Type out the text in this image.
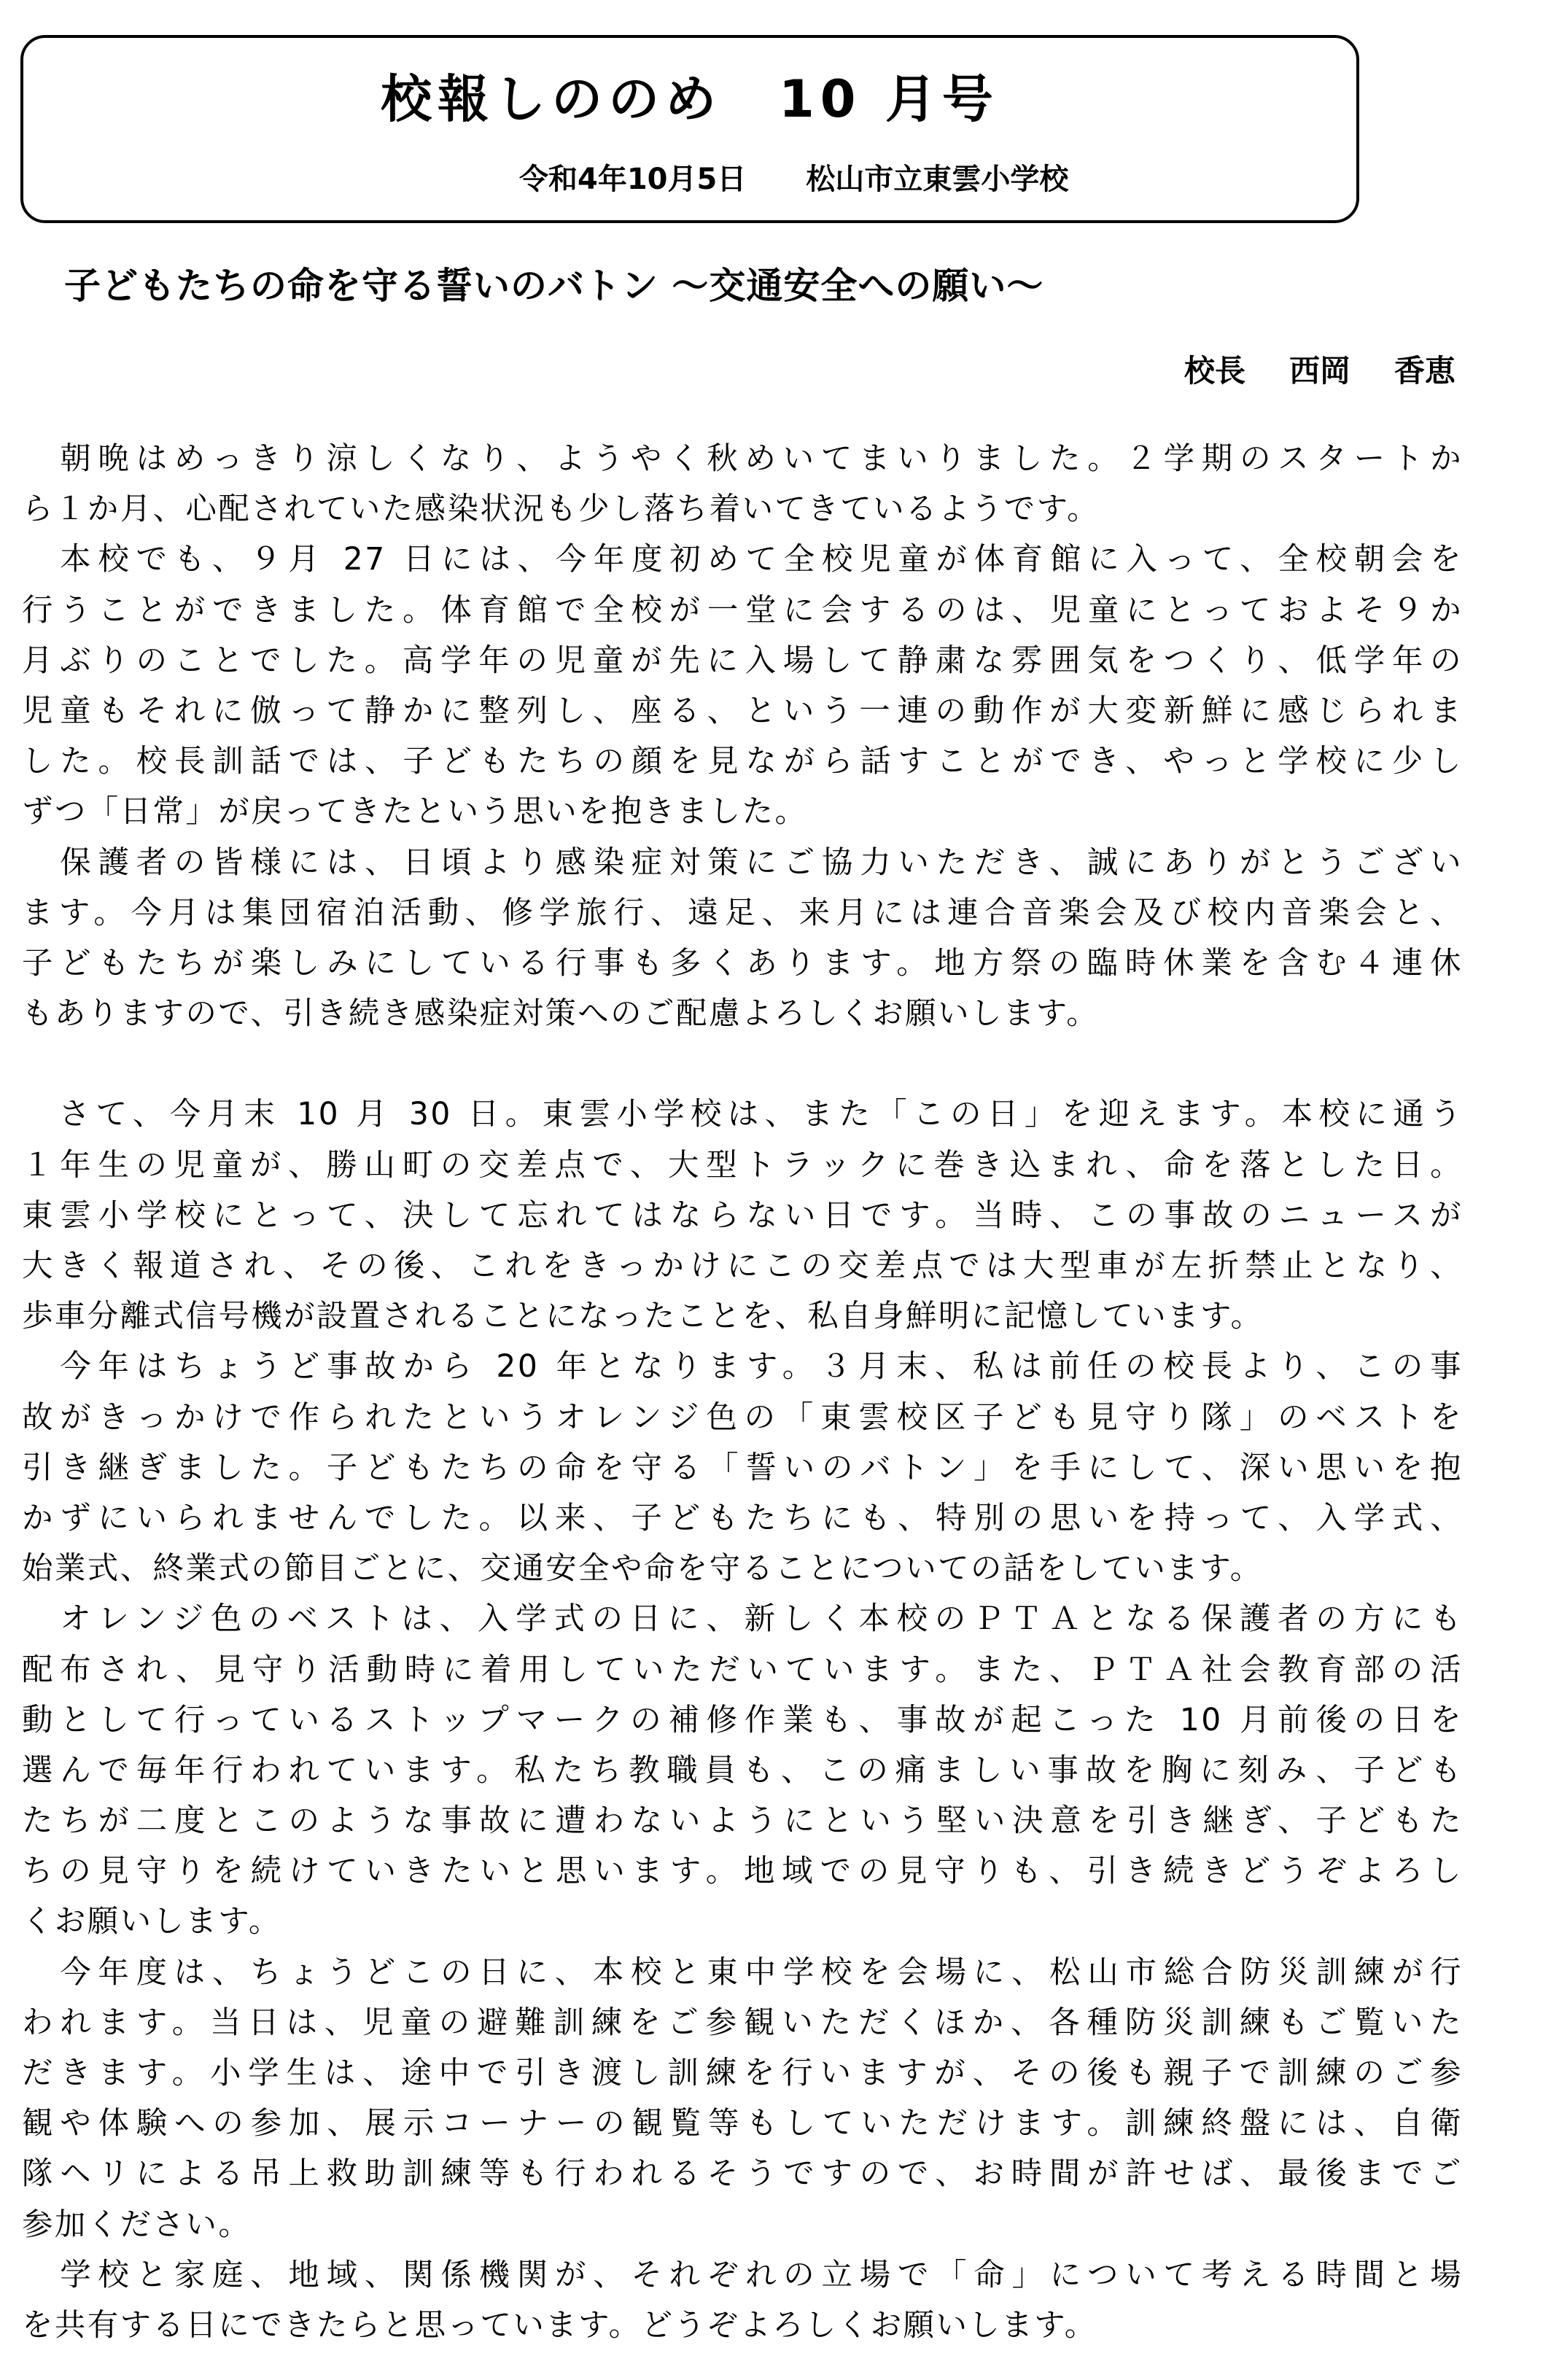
校報しののめ　10 月号
令和4年10月5日 松山市立東雲小学校
子どもたちの命を守る誓いのバトン ～交通安全への願い～
校長 西岡 香恵
　朝晩はめっきり涼しくなり、ようやく秋めいてまいりました。２学期のスタートか
ら１か月、心配されていた感染状況も少し落ち着いてきているようです。
　本校でも、９月 27 日には、今年度初めて全校児童が体育館に入って、全校朝会を
行うことができました。体育館で全校が一堂に会するのは、児童にとっておよそ９か
月ぶりのことでした。高学年の児童が先に入場して静粛な雰囲気をつくり、低学年の
児童もそれに倣って静かに整列し、座る、という一連の動作が大変新鮮に感じられま
した。校長訓話では、子どもたちの顔を見ながら話すことができ、やっと学校に少し
ずつ「日常」が戻ってきたという思いを抱きました。
　保護者の皆様には、日頃より感染症対策にご協力いただき、誠にありがとうござい
ます。今月は集団宿泊活動、修学旅行、遠足、来月には連合音楽会及び校内音楽会と、
子どもたちが楽しみにしている行事も多くあります。地方祭の臨時休業を含む４連休
もありますので、引き続き感染症対策へのご配慮よろしくお願いします。
　さて、今月末 10 月 30 日。東雲小学校は、また「この日」を迎えます。本校に通う
１年生の児童が、勝山町の交差点で、大型トラックに巻き込まれ、命を落とした日。
東雲小学校にとって、決して忘れてはならない日です。当時、この事故のニュースが
大きく報道され、その後、これをきっかけにこの交差点では大型車が左折禁止となり、
歩車分離式信号機が設置されることになったことを、私自身鮮明に記憶しています。
　今年はちょうど事故から 20 年となります。３月末、私は前任の校長より、この事
故がきっかけで作られたというオレンジ色の「東雲校区子ども見守り隊」のベストを
引き継ぎました。子どもたちの命を守る「誓いのバトン」を手にして、深い思いを抱
かずにいられませんでした。以来、子どもたちにも、特別の思いを持って、入学式、
始業式、終業式の節目ごとに、交通安全や命を守ることについての話をしています。
　オレンジ色のベストは、入学式の日に、新しく本校のＰＴＡとなる保護者の方にも
配布され、見守り活動時に着用していただいています。また、ＰＴＡ社会教育部の活
動として行っているストップマークの補修作業も、事故が起こった 10 月前後の日を
選んで毎年行われています。私たち教職員も、この痛ましい事故を胸に刻み、子ども
たちが二度とこのような事故に遭わないようにという堅い決意を引き継ぎ、子どもた
ちの見守りを続けていきたいと思います。地域での見守りも、引き続きどうぞよろし
くお願いします。
　今年度は、ちょうどこの日に、本校と東中学校を会場に、松山市総合防災訓練が行
われます。当日は、児童の避難訓練をご参観いただくほか、各種防災訓練もご覧いた
だきます。小学生は、途中で引き渡し訓練を行いますが、その後も親子で訓練のご参
観や体験への参加、展示コーナーの観覧等もしていただけます。訓練終盤には、自衛
隊ヘリによる吊上救助訓練等も行われるそうですので、お時間が許せば、最後までご
参加ください。
　学校と家庭、地域、関係機関が、それぞれの立場で「命」について考える時間と場
を共有する日にできたらと思っています。どうぞよろしくお願いします。
